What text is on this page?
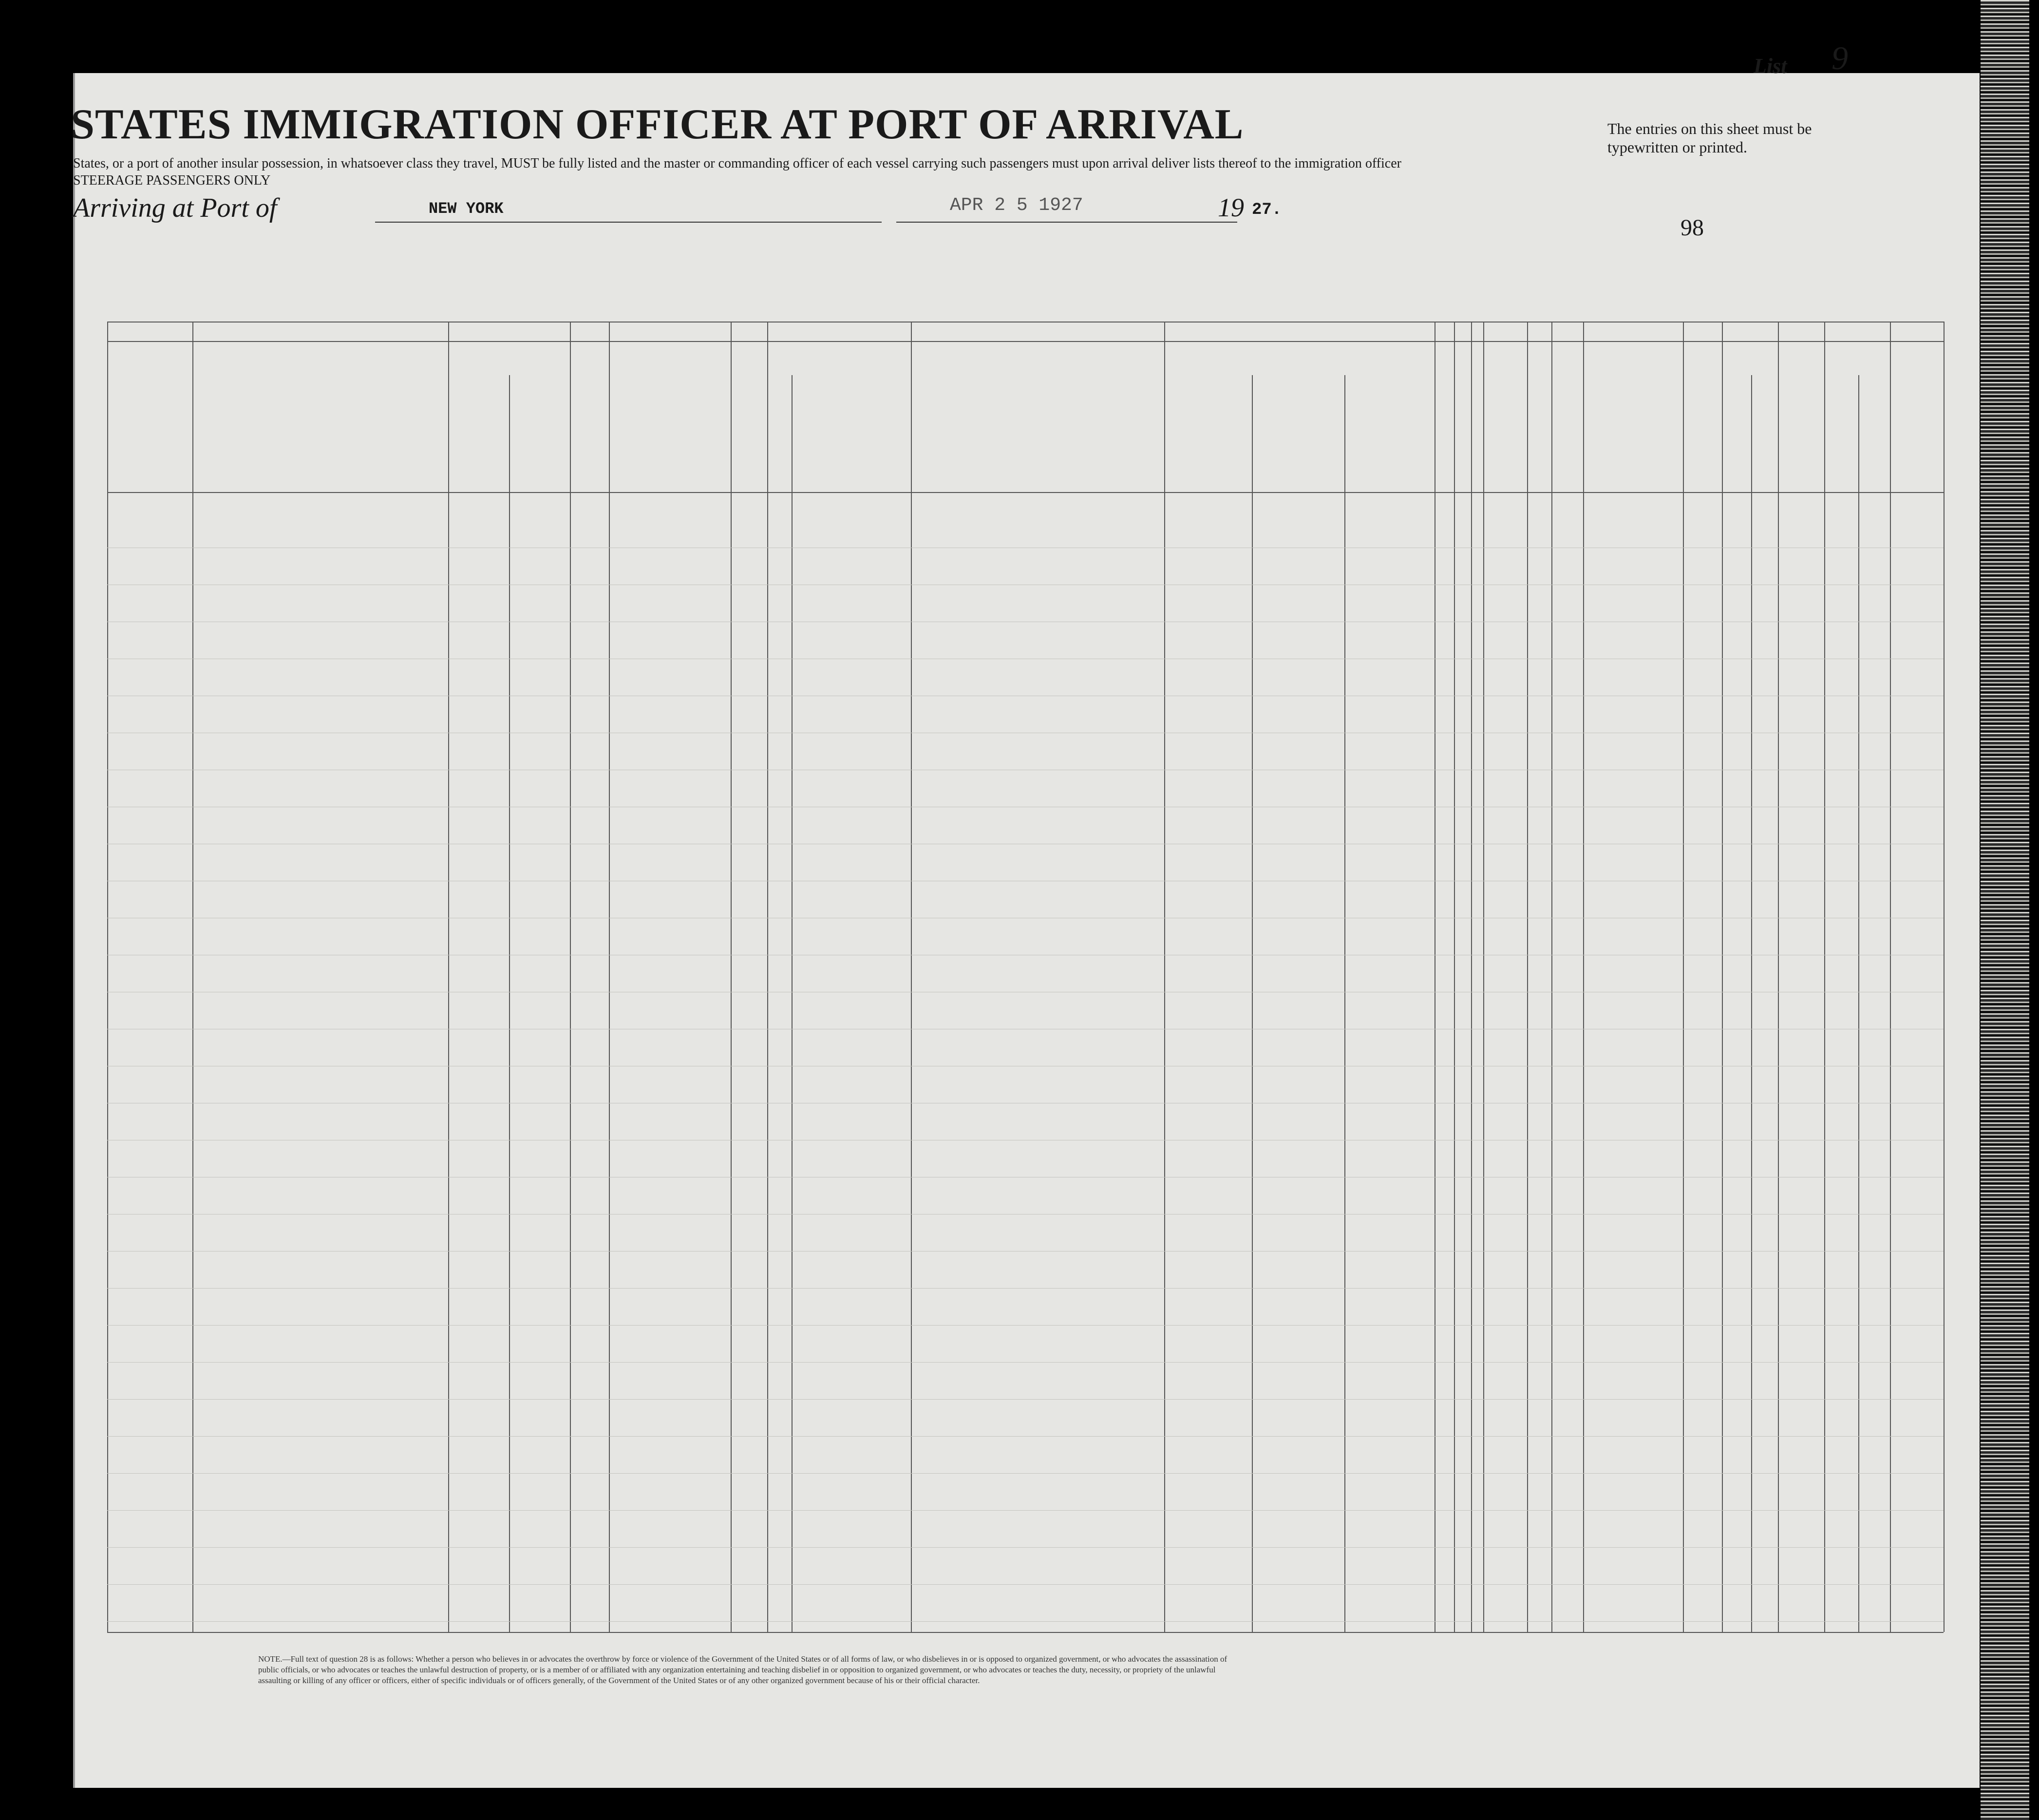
List 9
STATES IMMIGRATION OFFICER AT PORT OF ARRIVAL	The entries on this sheet must be typewritten or printed.
States, or a port of another insular possession, in whatsoever class they travel, MUST be fully listed and the master or commanding officer of each vessel carrying such passengers must upon arrival deliver lists thereof to the immigration officer
STEERAGE PASSENGERS ONLY
98
Arriving at Port of	NEW YORK	APR 2 5 1927	19 27.
NOTE.—Full text of question 28 is as follows: Whether a person who believes in or advocates the overthrow by force or violence of the Government of the United States or of all forms of law, or who disbelieves in or is opposed to organized government, or who advocates the assassination of public officials, or who advocates or teaches the unlawful destruction of property, or is a member of or affiliated with any organization entertaining and teaching disbelief in or opposition to organized government, or who advocates or teaches the duty, necessity, or propriety of the unlawful assaulting or killing of any officer or officers, either of specific individuals or of officers generally, of the Government of the United States or of any other organized government because of his or their official character.
